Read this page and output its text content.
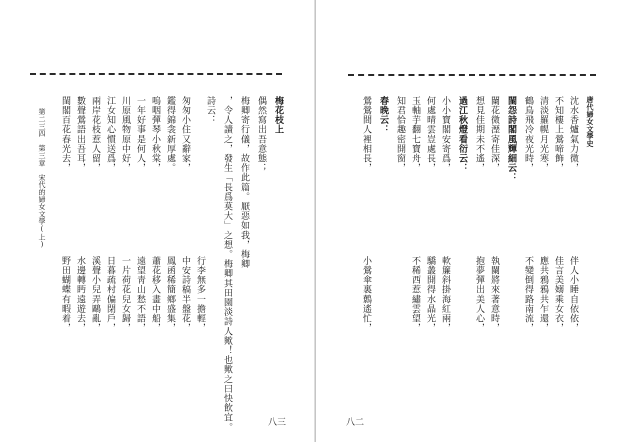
第二三四　第三章　宋代的婦女文學(上)
野田蝴蝶有暇着， 水邊轉眄遠遊去， 溪聲小兒弄鷗亂， 日暮疏村偏閉戶， 一片荷花兒女歸， 遠望靑山愁不語， 蕭花移入畫中船， 鳳函稀簡鄉盛集， 中安詩稿半盤花， 行李無多一擔輕，
閨閣百花春光去， 數聲鶯語出吾耳， 兩岸花枝惹人留， 江女知心慣送爲， 川原風物原中好， 一年好事是何人， 嗚咽彈琴小秋棠， 鑑得錦衾新厚處。 匆匆小住又辭家， 詩云： ，令人讀之，發生「長爲莫大」之想。梅卿其田園淡詩人歟！也歟之曰快飲宜。 梅卿寄行儀，故作此篇。厭惡如我，梅卿 偶然寫出吾意態； 梅花枝上
八三
唐代婦女文學史
沈水香爐氣力微，
不知樓上鶯啼飾，
清淡羅幌月光寒，
鶴鳥飛冷夜光時，
閨怨詩閣風輝細云：
闌花微溼寄佳深，
想見佳期未不遙，
過江秋燈看衍云：
小小寶閣安寄爲，
何處晴雲豈處長，
玉軸芋翻七寶舟，
知君恰趣密開窗，
春晚云：
鶯鶯間人裡相長，
伴人小睡自依依，
佳言美嫋乘女衣，
應共鴉鴉共乍還，
不變倒得路南流，
執闌將來著意時，
抱夢彈出美人心，
軟簾斜掛海紅兩，
驕叢開得水晶光，
不稀西惹繡雲望，
小鶯傘裏鷯遙忙，
八二
